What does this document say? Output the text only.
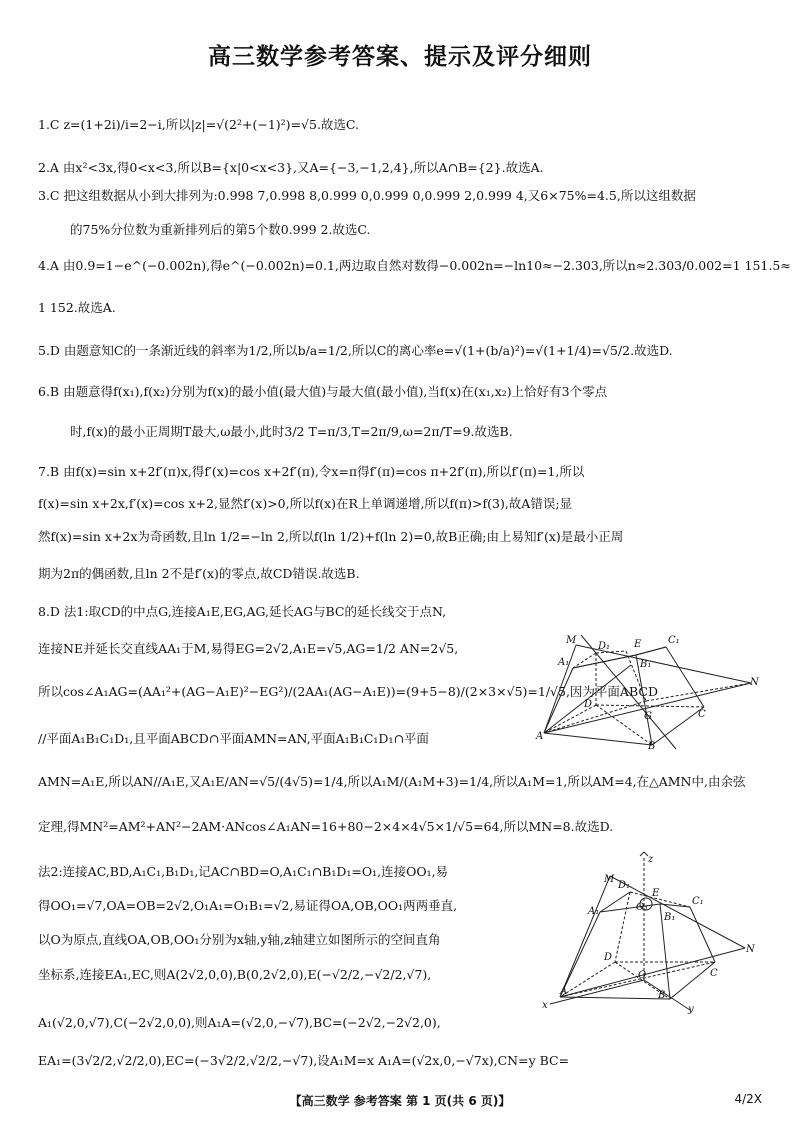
高三数学参考答案、提示及评分细则
1.C z=(1+2i)/i=2−i,所以|z|=√(2²+(−1)²)=√5.故选C.
2.A 由x²<3x,得0<x<3,所以B={x|0<x<3},又A={−3,−1,2,4},所以A∩B={2}.故选A.
3.C 把这组数据从小到大排列为:0.998 7,0.998 8,0.999 0,0.999 0,0.999 2,0.999 4,又6×75%=4.5,所以这组数据
的75%分位数为重新排列后的第5个数0.999 2.故选C.
4.A 由0.9=1−e^(−0.002n),得e^(−0.002n)=0.1,两边取自然对数得−0.002n=−ln10≈−2.303,所以n≈2.303/0.002=1 151.5≈
1 152.故选A.
5.D 由题意知C的一条渐近线的斜率为1/2,所以b/a=1/2,所以C的离心率e=√(1+(b/a)²)=√(1+1/4)=√5/2.故选D.
6.B 由题意得f(x₁),f(x₂)分别为f(x)的最小值(最大值)与最大值(最小值),当f(x)在(x₁,x₂)上恰好有3个零点
时,f(x)的最小正周期T最大,ω最小,此时3/2 T=π/3,T=2π/9,ω=2π/T=9.故选B.
7.B 由f(x)=sin x+2f′(π)x,得f′(x)=cos x+2f′(π),令x=π得f′(π)=cos π+2f′(π),所以f′(π)=1,所以
f(x)=sin x+2x,f′(x)=cos x+2,显然f′(x)>0,所以f(x)在R上单调递增,所以f(π)>f(3),故A错误;显
然f(x)=sin x+2x为奇函数,且ln 1/2=−ln 2,所以f(ln 1/2)+f(ln 2)=0,故B正确;由上易知f′(x)是最小正周
期为2π的偶函数,且ln 2不是f′(x)的零点,故CD错误.故选B.
8.D 法1:取CD的中点G,连接A₁E,EG,AG,延长AG与BC的延长线交于点N,
连接NE并延长交直线AA₁于M,易得EG=2√2,A₁E=√5,AG=1/2 AN=2√5,
所以cos∠A₁AG=(AA₁²+(AG−A₁E)²−EG²)/(2AA₁(AG−A₁E))=(9+5−8)/(2×3×√5)=1/√5,因为平面ABCD
//平面A₁B₁C₁D₁,且平面ABCD∩平面AMN=AN,平面A₁B₁C₁D₁∩平面
AMN=A₁E,所以AN//A₁E,又A₁E/AN=√5/(4√5)=1/4,所以A₁M/(A₁M+3)=1/4,所以A₁M=1,所以AM=4,在△AMN中,由余弦
定理,得MN²=AM²+AN²−2AM·ANcos∠A₁AN=16+80−2×4×4√5×1/√5=64,所以MN=8.故选D.
法2:连接AC,BD,A₁C₁,B₁D₁,记AC∩BD=O,A₁C₁∩B₁D₁=O₁,连接OO₁,易
得OO₁=√7,OA=OB=2√2,O₁A₁=O₁B₁=√2,易证得OA,OB,OO₁两两垂直,
以O为原点,直线OA,OB,OO₁分别为x轴,y轴,z轴建立如图所示的空间直角
坐标系,连接EA₁,EC,则A(2√2,0,0),B(0,2√2,0),E(−√2/2,−√2/2,√7),
A₁(√2,0,√7),C(−2√2,0,0),则A₁A=(√2,0,−√7),BC=(−2√2,−2√2,0),
EA₁=(3√2/2,√2/2,0),EC=(−3√2/2,√2/2,−√7),设A₁M=x A₁A=(√2x,0,−√7x),CN=y BC=
M
D₁ E	C₁
A₁	B₁
D
G
N
A
B
C
z
M
D₁
E
C₁
A₁	O₁
B₁
D
O
N
C
x
A	B
y
【高三数学 参考答案 第 1 页(共 6 页)】	4/2X
